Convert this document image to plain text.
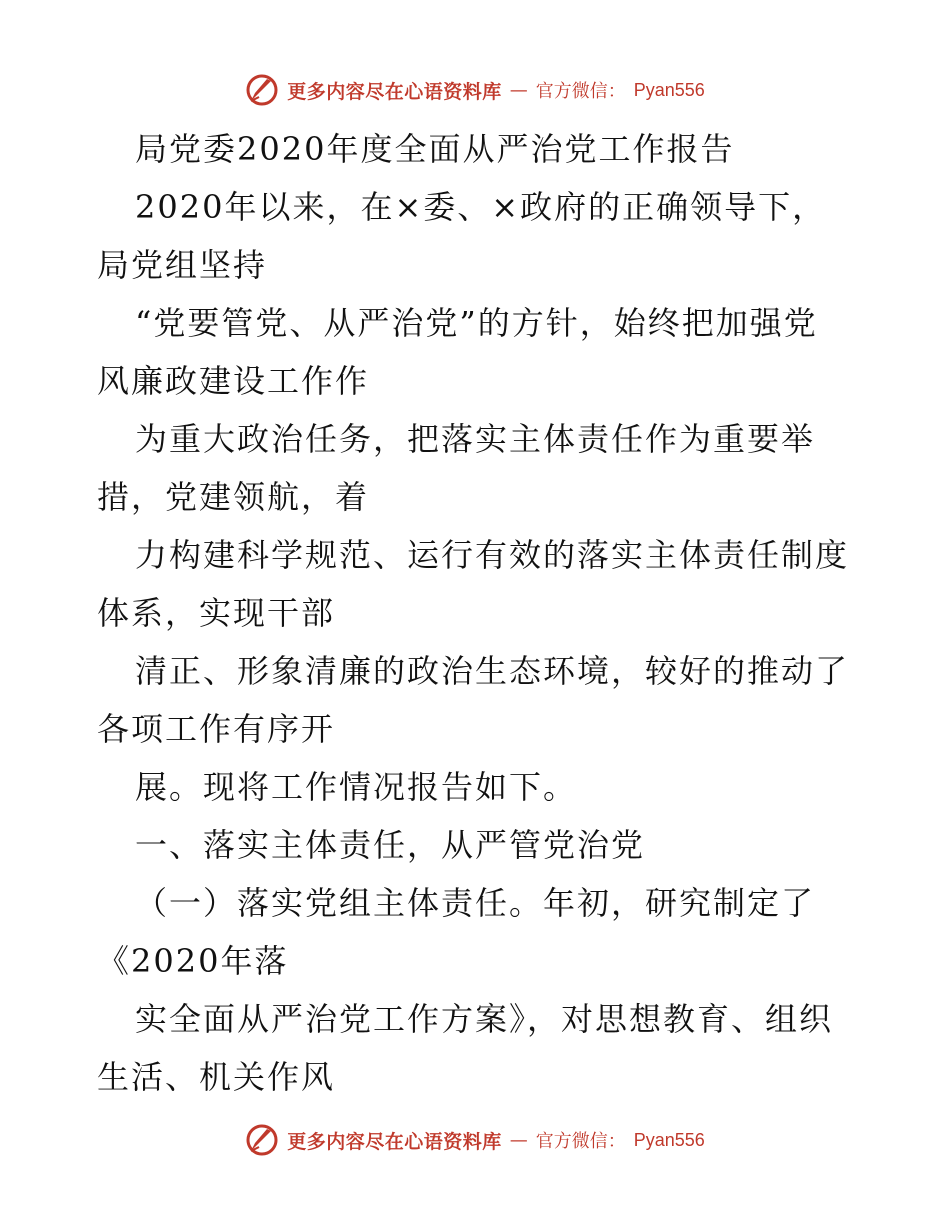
更多内容尽在心语资料库 — 官方微信： Pyan556
局党委2020年度全面从严治党工作报告
2020年以来，在×委、×政府的正确领导下，
局党组坚持
“党要管党、从严治党”的方针，始终把加强党
风廉政建设工作作
为重大政治任务，把落实主体责任作为重要举
措，党建领航，着
力构建科学规范、运行有效的落实主体责任制度
体系，实现干部
清正、形象清廉的政治生态环境，较好的推动了
各项工作有序开
展。现将工作情况报告如下。
一、落实主体责任，从严管党治党
（一）落实党组主体责任。年初，研究制定了
《2020年落
实全面从严治党工作方案》，对思想教育、组织
生活、机关作风
更多内容尽在心语资料库 — 官方微信： Pyan556
